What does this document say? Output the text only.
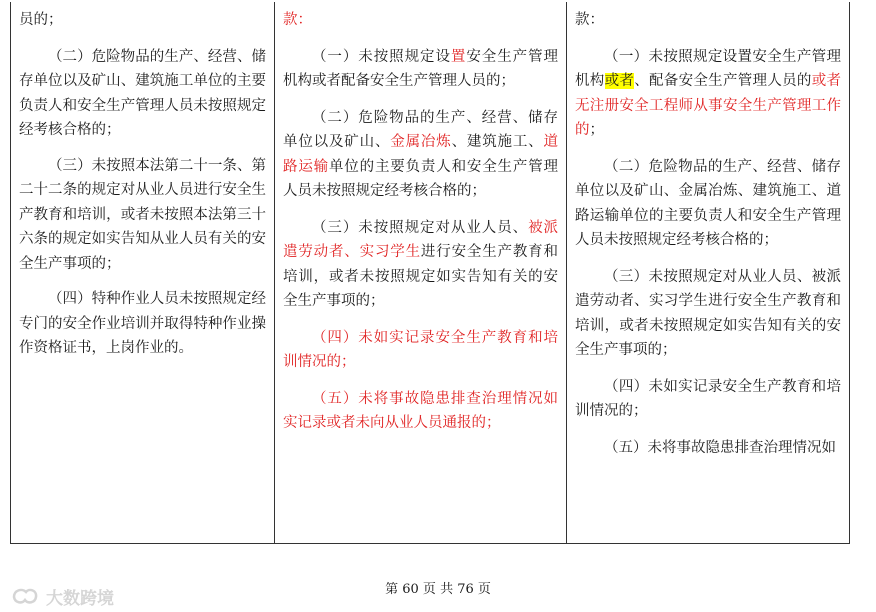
员的；

（二）危险物品的生产、经营、储存单位以及矿山、建筑施工单位的主要负责人和安全生产管理人员未按照规定经考核合格的；

（三）未按照本法第二十一条、第二十二条的规定对从业人员进行安全生产教育和培训，或者未按照本法第三十六条的规定如实告知从业人员有关的安全生产事项的；

（四）特种作业人员未按照规定经专门的安全作业培训并取得特种作业操作资格证书，上岗作业的。

款：

（一）未按照规定设置安全生产管理机构或者配备安全生产管理人员的；

（二）危险物品的生产、经营、储存单位以及矿山、金属冶炼、建筑施工、道路运输单位的主要负责人和安全生产管理人员未按照规定经考核合格的；

（三）未按照规定对从业人员、被派遣劳动者、实习学生进行安全生产教育和培训，或者未按照规定如实告知有关的安全生产事项的；

（四）未如实记录安全生产教育和培训情况的；

（五）未将事故隐患排查治理情况如实记录或者未向从业人员通报的；

款：

（一）未按照规定设置安全生产管理机构或者、配备安全生产管理人员的或者无注册安全工程师从事安全生产管理工作的；

（二）危险物品的生产、经营、储存单位以及矿山、金属冶炼、建筑施工、道路运输单位的主要负责人和安全生产管理人员未按照规定经考核合格的；

（三）未按照规定对从业人员、被派遣劳动者、实习学生进行安全生产教育和培训，或者未按照规定如实告知有关的安全生产事项的；

（四）未如实记录安全生产教育和培训情况的；

（五）未将事故隐患排查治理情况如

第 60 页 共 76 页
大数跨境
